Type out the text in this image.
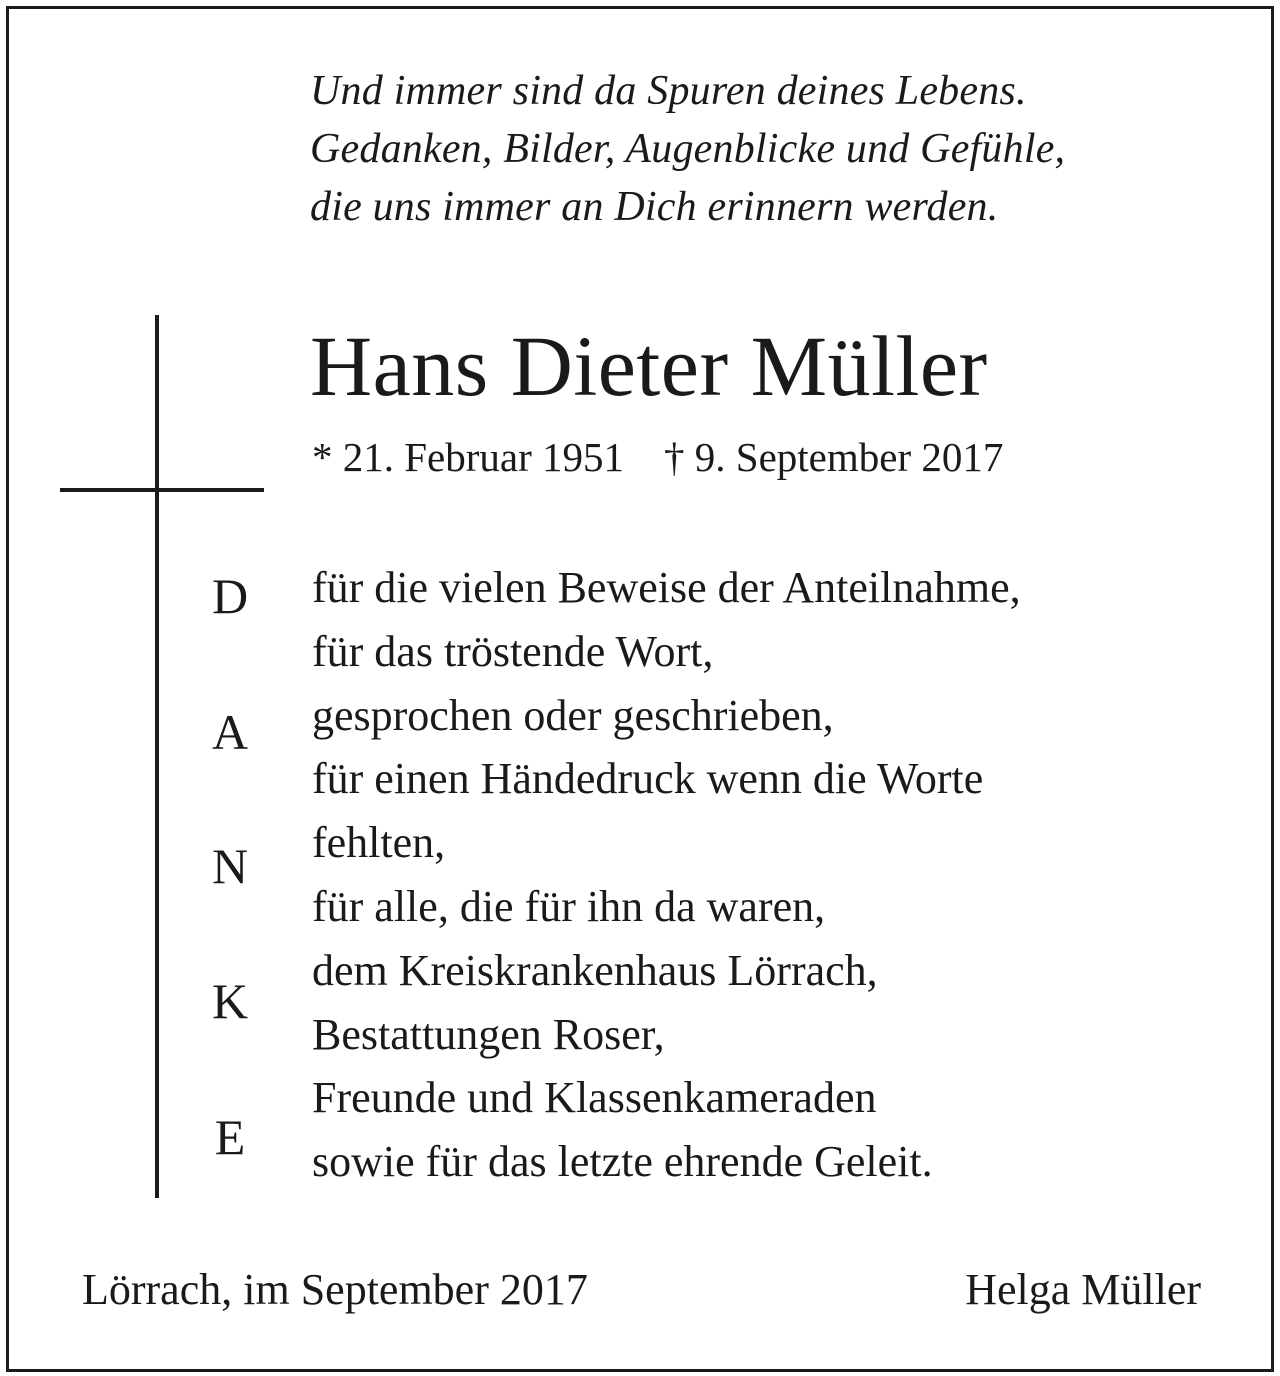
Und immer sind da Spuren deines Lebens.
Gedanken, Bilder, Augenblicke und Gefühle,
die uns immer an Dich erinnern werden.
Hans Dieter Müller
* 21. Februar 1951 † 9. September 2017
D
A
N
K
E
für die vielen Beweise der Anteilnahme,
für das tröstende Wort,
gesprochen oder geschrieben,
für einen Händedruck wenn die Worte
fehlten,
für alle, die für ihn da waren,
dem Kreiskrankenhaus Lörrach,
Bestattungen Roser,
Freunde und Klassenkameraden
sowie für das letzte ehrende Geleit.
Lörrach, im September 2017	Helga Müller
